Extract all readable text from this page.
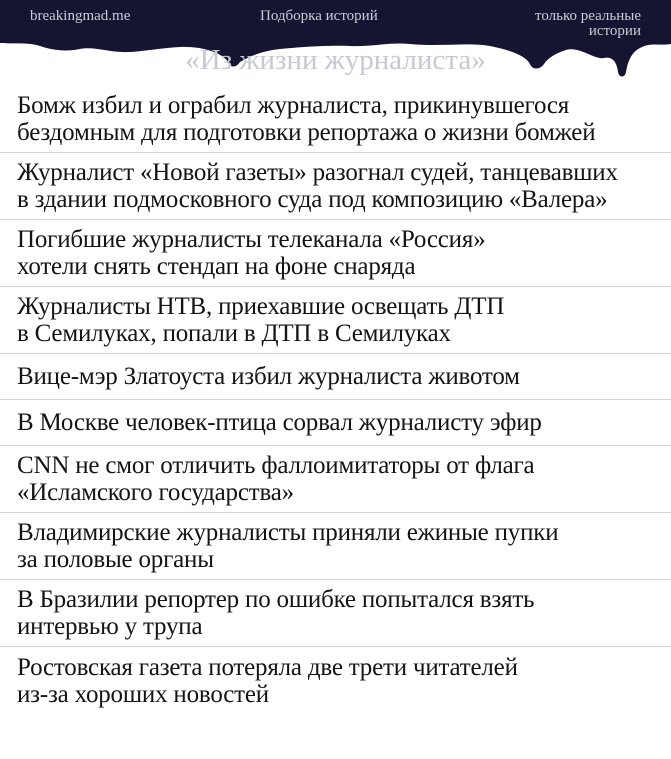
breakingmad.me	Подборка историй	только реальные
истории
«Из жизни журналиста»
Бомж избил и ограбил журналиста, прикинувшегося
бездомным для подготовки репортажа о жизни бомжей
Журналист «Новой газеты» разогнал судей, танцевавших
в здании подмосковного суда под композицию «Валера»
Погибшие журналисты телеканала «Россия»
хотели снять стендап на фоне снаряда
Журналисты НТВ, приехавшие освещать ДТП
в Семилуках, попали в ДТП в Семилуках
Вице-мэр Златоуста избил журналиста животом
В Москве человек-птица сорвал журналисту эфир
CNN не смог отличить фаллоимитаторы от флага
«Исламского государства»
Владимирские журналисты приняли ежиные пупки
за половые органы
В Бразилии репортер по ошибке попытался взять
интервью у трупа
Ростовская газета потеряла две трети читателей
из-за хороших новостей
